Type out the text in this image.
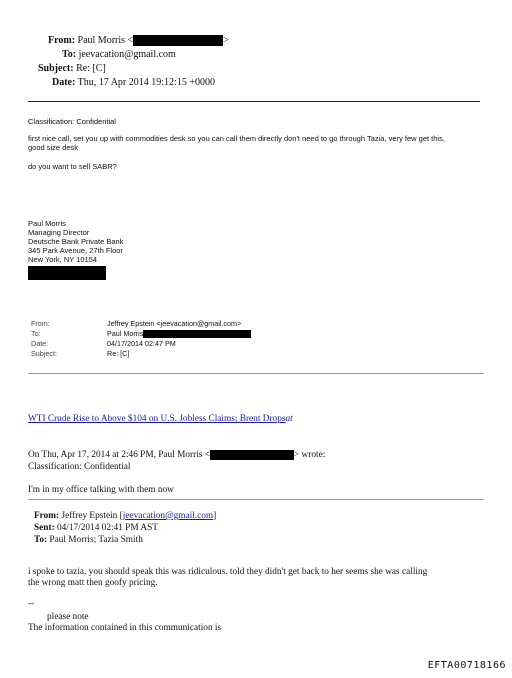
From: Paul Morris <	>
To: jeevacation@gmail.com
Subject: Re: [C]
Date: Thu, 17 Apr 2014 19:12:15 +0000
Classification: Confidential
first nice call, set you up with commodities desk so you can call them directly don't need to go through Tazia, very few get this,
good size desk
do you want to sell SABR?
Paul Morris
Managing Director
Deutsche Bank Private Bank
345 Park Avenue, 27th Floor
New York, NY 10154
From:	Jeffrey Epstein <jeevacation@gmail.com>
To:	Paul Morris
Date:	04/17/2014 02:47 PM
Subject:	Re: [C]
WTI Crude Rise to Above $104 on U.S. Jobless Claims; Brent Dropsat
On Thu, Apr 17, 2014 at 2:46 PM, Paul Morris <	> wrote:
Classification: Confidential
I'm in my office talking with them now
From: Jeffrey Epstein [jeevacation@gmail.com]
Sent: 04/17/2014 02:41 PM AST
To: Paul Morris; Tazia Smith
i spoke to tazia, you should speak this was ridiculous. told they didn't get back to her seems she was calling
the wrong matt then goofy pricing.
--
please note
The information contained in this communication is
EFTA00718166
